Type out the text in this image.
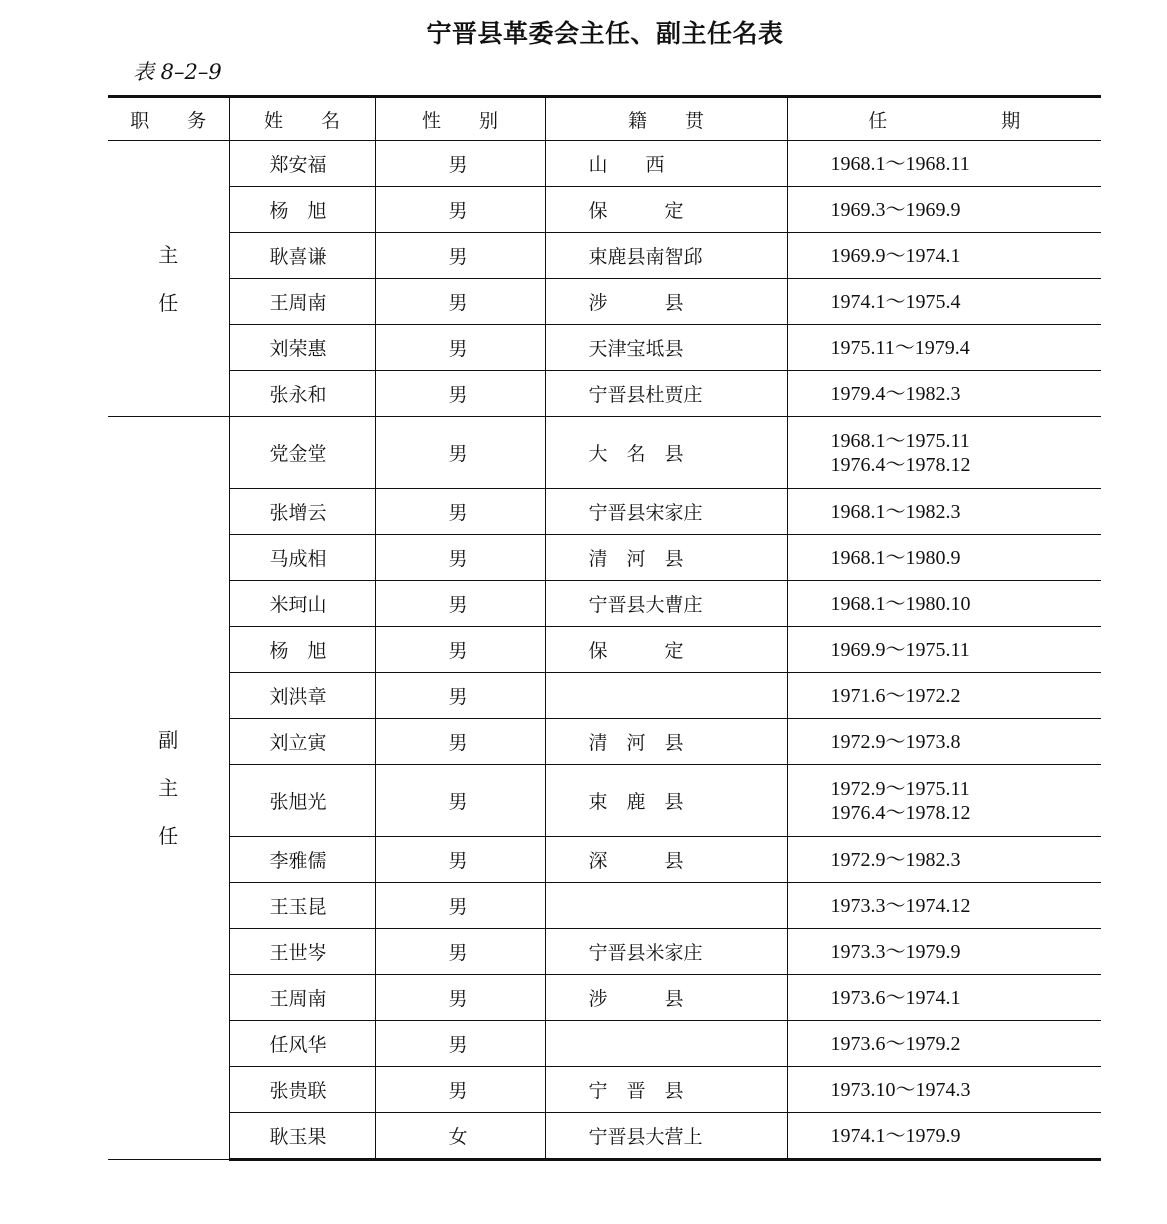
宁晋县革委会主任、副主任名表
表 8–2–9
职　　务	姓　　名	性　　别	籍　　贯	任　　　　　　期

主
任	郑安福	男	山　　西	1968.1～1968.11

	杨　旭	男	保　　　定	1969.3～1969.9

	耿喜谦	男	束鹿县南智邱	1969.9～1974.1

	王周南	男	涉　　　县	1974.1～1975.4

	刘荣惠	男	天津宝坻县	1975.11～1979.4

	张永和	男	宁晋县杜贾庄	1979.4～1982.3

副
主
任	党金堂	男	大　名　县	1968.1～1975.11
1976.4～1978.12

	张增云	男	宁晋县宋家庄	1968.1～1982.3

	马成相	男	清　河　县	1968.1～1980.9

	米珂山	男	宁晋县大曹庄	1968.1～1980.10

	杨　旭	男	保　　　定	1969.9～1975.11

	刘洪章	男		1971.6～1972.2

	刘立寅	男	清　河　县	1972.9～1973.8

	张旭光	男	束　鹿　县	1972.9～1975.11
1976.4～1978.12

	李雅儒	男	深　　　县	1972.9～1982.3

	王玉昆	男		1973.3～1974.12

	王世岑	男	宁晋县米家庄	1973.3～1979.9

	王周南	男	涉　　　县	1973.6～1974.1

	任风华	男		1973.6～1979.2

	张贵联	男	宁　晋　县	1973.10～1974.3

	耿玉果	女	宁晋县大营上	1974.1～1979.9
